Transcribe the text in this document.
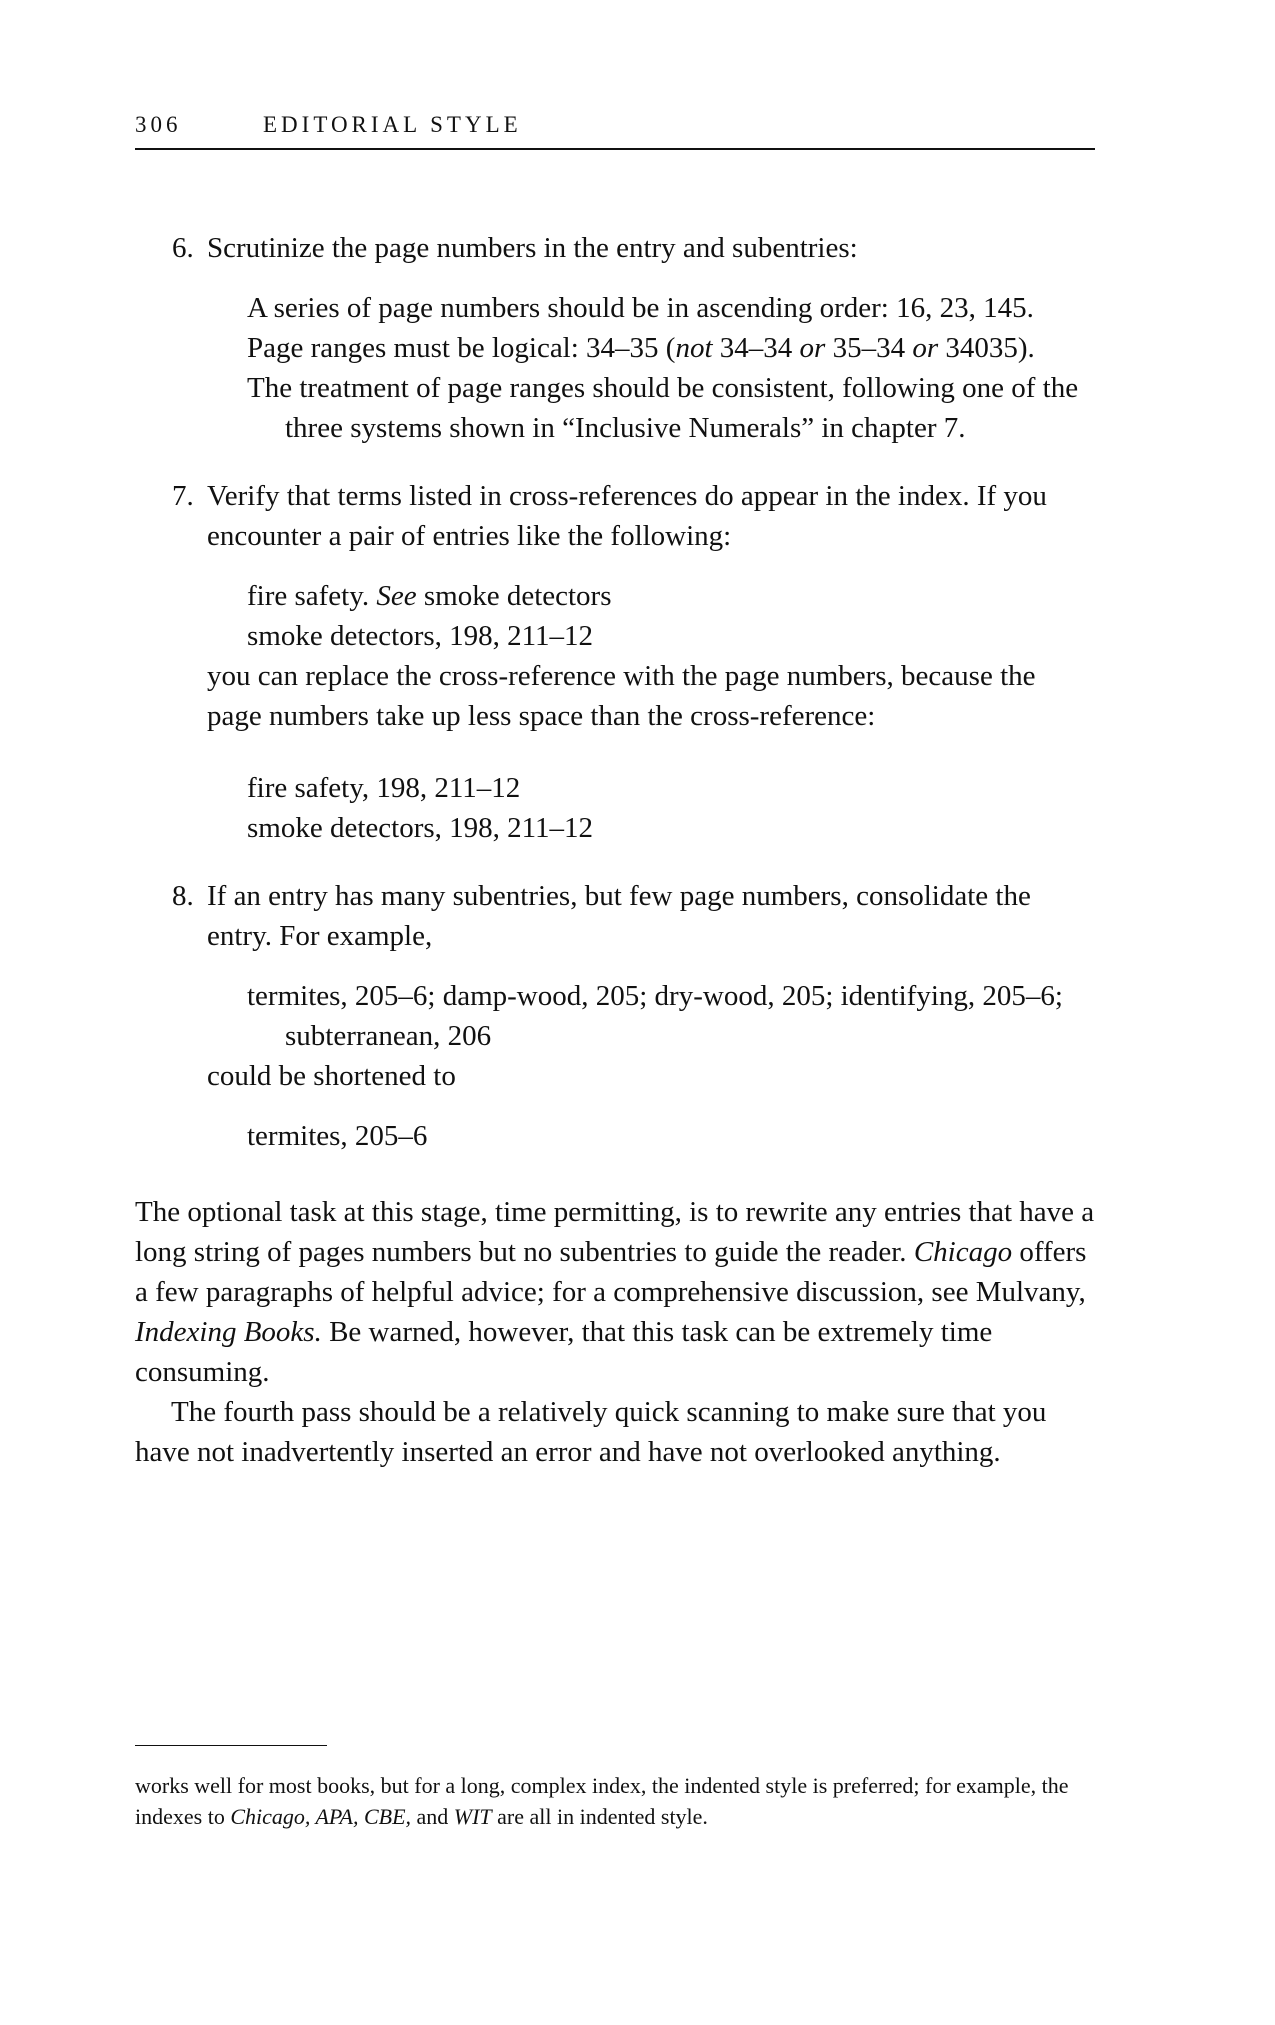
306	EDITORIAL STYLE
6. Scrutinize the page numbers in the entry and subentries:

A series of page numbers should be in ascending order: 16, 23, 145.

Page ranges must be logical: 34–35 (not 34–34 or 35–34 or 34035).

The treatment of page ranges should be consistent, following one of the three systems shown in “Inclusive Numerals” in chapter 7.

7. Verify that terms listed in cross-references do appear in the index. If you encounter a pair of entries like the following:

fire safety. See smoke detectors

smoke detectors, 198, 211–12

you can replace the cross-reference with the page numbers, because the page numbers take up less space than the cross-reference:

fire safety, 198, 211–12

smoke detectors, 198, 211–12

8. If an entry has many subentries, but few page numbers, consolidate the entry. For example,

termites, 205–6; damp-wood, 205; dry-wood, 205; identifying, 205–6; subterranean, 206

could be shortened to

termites, 205–6

The optional task at this stage, time permitting, is to rewrite any entries that have a long string of pages numbers but no subentries to guide the reader. Chicago offers a few paragraphs of helpful advice; for a comprehensive discussion, see Mulvany, Indexing Books. Be warned, however, that this task can be extremely time consuming.

The fourth pass should be a relatively quick scanning to make sure that you have not inadvertently inserted an error and have not overlooked anything.

works well for most books, but for a long, complex index, the indented style is preferred; for example, the indexes to Chicago, APA, CBE, and WIT are all in indented style.
